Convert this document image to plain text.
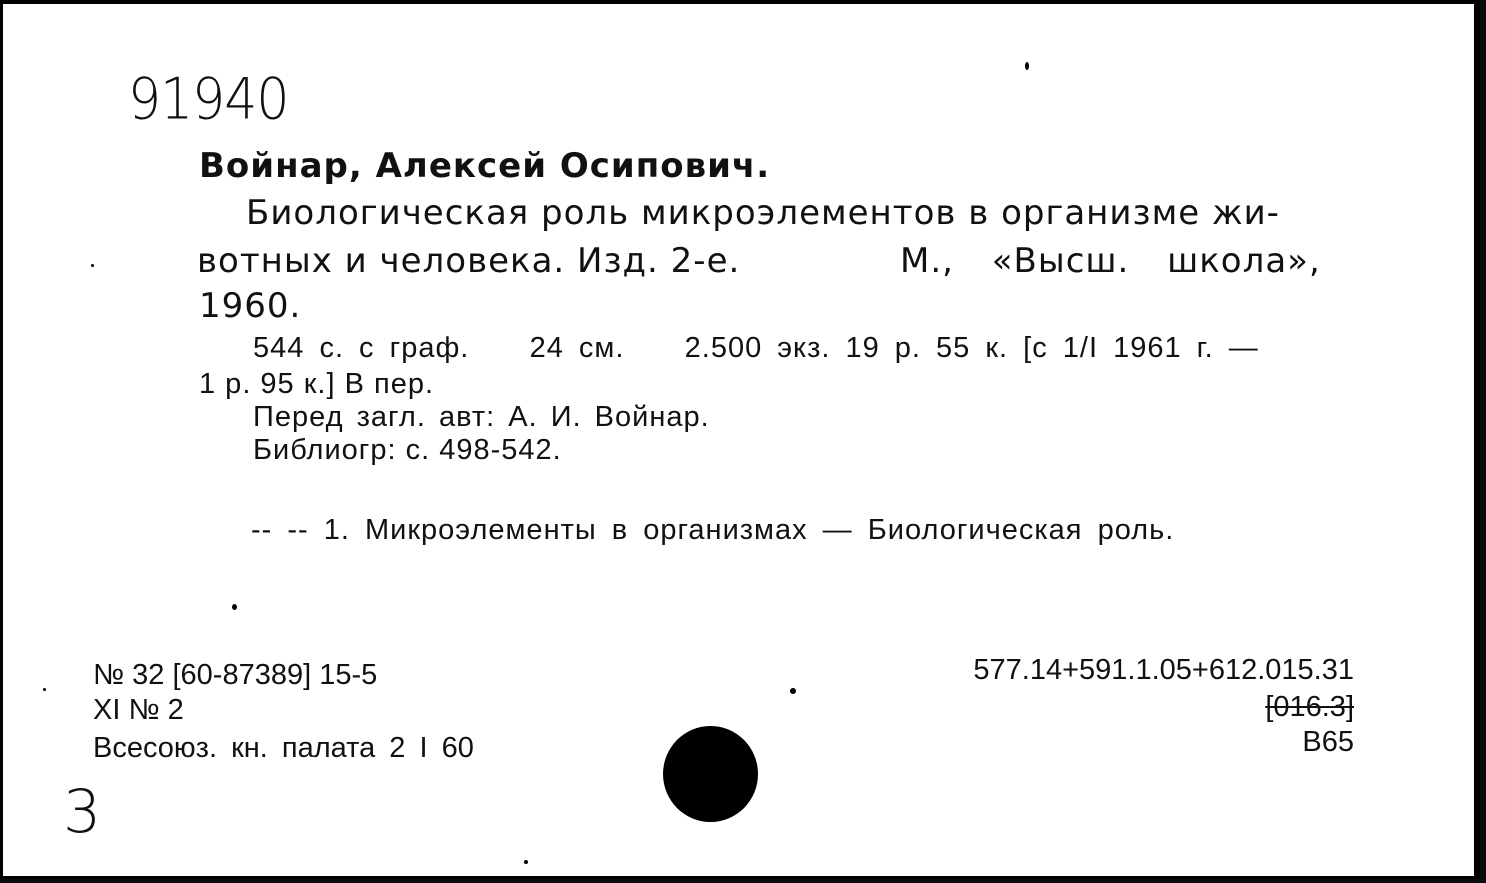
91940
Войнар, Алексей Осипович.
Биологическая роль микроэлементов в организме жи-
вотных и человека. Изд. 2-е.	М., «Высш. школа»,
1960.
544 с. с граф.    24 см.    2.500 экз. 19 р. 55 к. [с 1/I 1961 г. —
1 р. 95 к.] В пер.
Перед загл. авт: А. И. Войнар.
Библиогр: с. 498-542.
-- -- 1. Микроэлементы в организмах — Биологическая роль.
№ 32 [60-87389] 15-5
XI № 2
Всесоюз. кн. палата 2 I 60
577.14+591.1.05+612.015.31
[016.3]
B65
3
